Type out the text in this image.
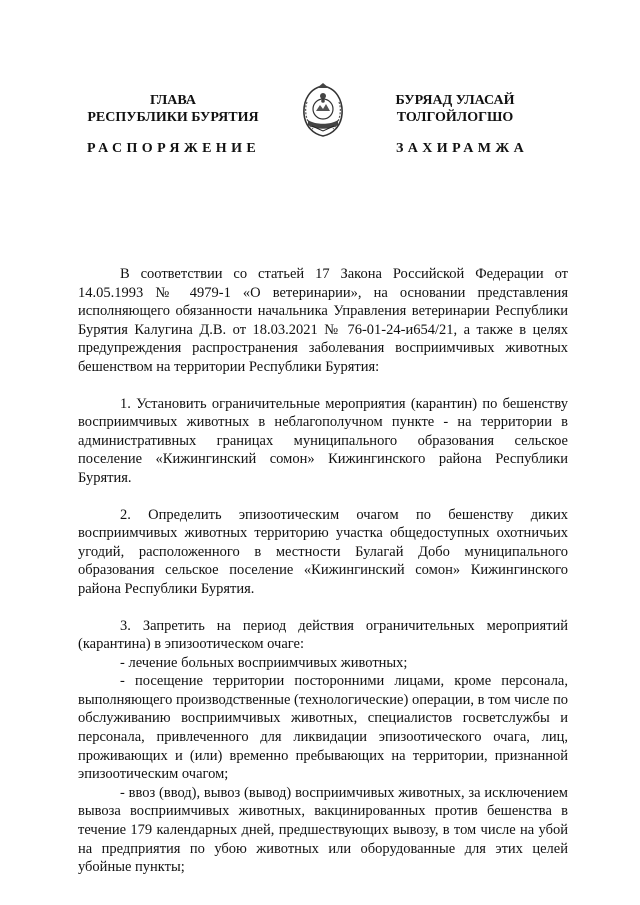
ГЛАВА
РЕСПУБЛИКИ БУРЯТИЯ
БУРЯАД УЛАСАЙ
ТОЛГОЙЛОГШО
РАСПОРЯЖЕНИЕ	ЗАХИРАМЖА

В соответствии со статьей 17 Закона Российской Федерации от 14.05.1993 № 4979-1 «О ветеринарии», на основании представления исполняющего обязанности начальника Управления ветеринарии Республики Бурятия Калугина Д.В. от 18.03.2021 № 76-01-24-и654/21, а также в целях предупреждения распространения заболевания восприимчивых животных бешенством на территории Республики Бурятия:

1. Установить ограничительные мероприятия (карантин) по бешенству восприимчивых животных в неблагополучном пункте - на территории в административных границах муниципального образования сельское поселение «Кижингинский сомон» Кижингинского района Республики Бурятия.

2. Определить эпизоотическим очагом по бешенству диких восприимчивых животных территорию участка общедоступных охотничьих угодий, расположенного в местности Булагай Добо муниципального образования сельское поселение «Кижингинский сомон» Кижингинского района Республики Бурятия.

3. Запретить на период действия ограничительных мероприятий (карантина) в эпизоотическом очаге:

- лечение больных восприимчивых животных;

- посещение территории посторонними лицами, кроме персонала, выполняющего производственные (технологические) операции, в том числе по обслуживанию восприимчивых животных, специалистов госветслужбы и персонала, привлеченного для ликвидации эпизоотического очага, лиц, проживающих и (или) временно пребывающих на территории, признанной эпизоотическим очагом;

- ввоз (ввод), вывоз (вывод) восприимчивых животных, за исключением вывоза восприимчивых животных, вакцинированных против бешенства в течение 179 календарных дней, предшествующих вывозу, в том числе на убой на предприятия по убою животных или оборудованные для этих целей убойные пункты;
